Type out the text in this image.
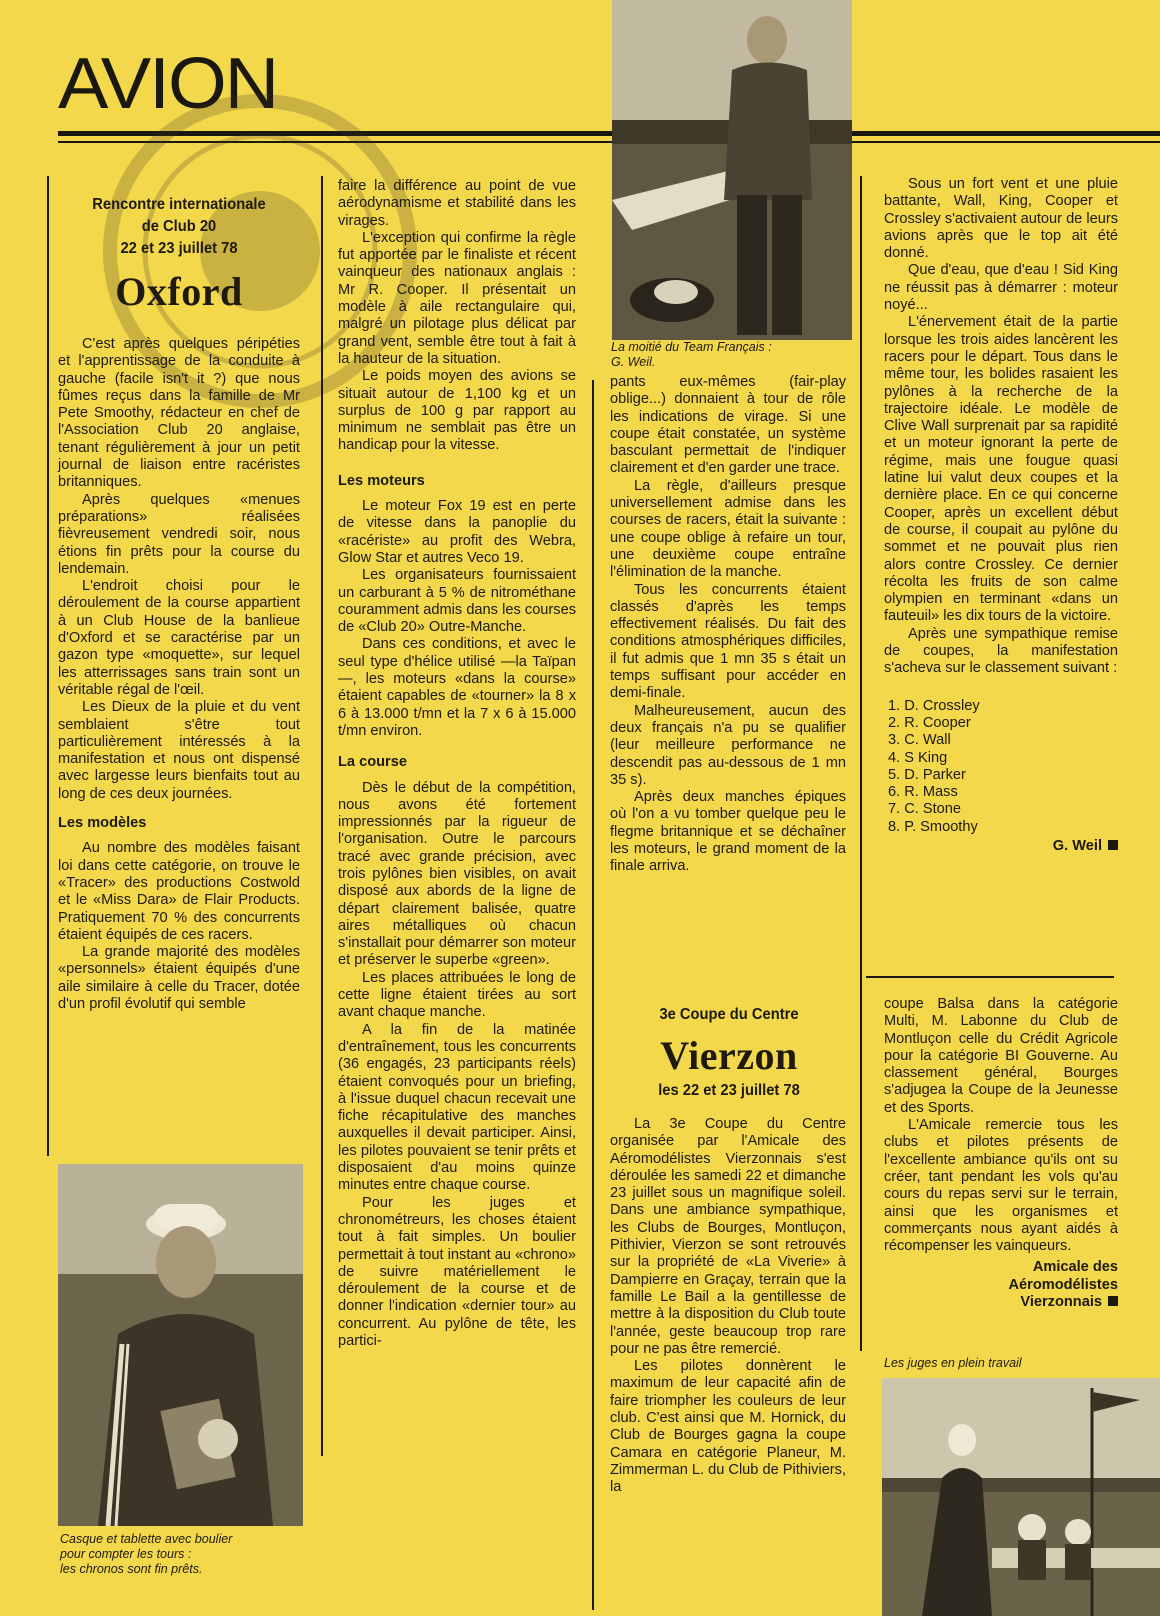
AVION
Rencontre internationale
de Club 20
22 et 23 juillet 78
Oxford

C'est après quelques péripéties et l'apprentissage de la conduite à gauche (facile isn't it ?) que nous fûmes reçus dans la famille de Mr Pete Smoothy, rédacteur en chef de l'Association Club 20 anglaise, tenant régulièrement à jour un petit journal de liaison entre racéristes britanniques.

Après quelques «menues préparations» réalisées fièvreusement vendredi soir, nous étions fin prêts pour la course du lendemain.

L'endroit choisi pour le déroulement de la course appartient à un Club House de la banlieue d'Oxford et se caractérise par un gazon type «moquette», sur lequel les atterrissages sans train sont un véritable régal de l'œil.

Les Dieux de la pluie et du vent semblaient s'être tout particulièrement intéressés à la manifestation et nous ont dispensé avec largesse leurs bienfaits tout au long de ces deux journées.

Les modèles

Au nombre des modèles faisant loi dans cette catégorie, on trouve le «Tracer» des productions Costwold et le «Miss Dara» de Flair Products. Pratiquement 70 % des concurrents étaient équipés de ces racers.

La grande majorité des modèles «personnels» étaient équipés d'une aile similaire à celle du Tracer, dotée d'un profil évolutif qui semble

Casque et tablette avec boulier
pour compter les tours :
les chronos sont fin prêts.

faire la différence au point de vue aérodynamisme et stabilité dans les virages.

L'exception qui confirme la règle fut apportée par le finaliste et récent vainqueur des nationaux anglais : Mr R. Cooper. Il présentait un modèle à aile rectangulaire qui, malgré un pilotage plus délicat par grand vent, semble être tout à fait à la hauteur de la situation.

Le poids moyen des avions se situait autour de 1,100 kg et un surplus de 100 g par rapport au minimum ne semblait pas être un handicap pour la vitesse.

Les moteurs

Le moteur Fox 19 est en perte de vitesse dans la panoplie du «racériste» au profit des Webra, Glow Star et autres Veco 19.

Les organisateurs fournissaient un carburant à 5 % de nitrométhane couramment admis dans les courses de «Club 20» Outre-Manche.

Dans ces conditions, et avec le seul type d'hélice utilisé —la Taïpan—, les moteurs «dans la course» étaient capables de «tourner» la 8 x 6 à 13.000 t/mn et la 7 x 6 à 15.000 t/mn environ.

La course

Dès le début de la compétition, nous avons été fortement impressionnés par la rigueur de l'organisation. Outre le parcours tracé avec grande précision, avec trois pylônes bien visibles, on avait disposé aux abords de la ligne de départ clairement balisée, quatre aires métalliques où chacun s'installait pour démarrer son moteur et préserver le superbe «green».

Les places attribuées le long de cette ligne étaient tirées au sort avant chaque manche.

A la fin de la matinée d'entraînement, tous les concurrents (36 engagés, 23 participants réels) étaient convoqués pour un briefing, à l'issue duquel chacun recevait une fiche récapitulative des manches auxquelles il devait participer. Ainsi, les pilotes pouvaient se tenir prêts et disposaient d'au moins quinze minutes entre chaque course.

Pour les juges et chronométreurs, les choses étaient tout à fait simples. Un boulier permettait à tout instant au «chrono» de suivre matériellement le déroulement de la course et de donner l'indication «dernier tour» au concurrent. Au pylône de tête, les partici-

La moitié du Team Français :
G. Weil.

pants eux-mêmes (fair-play oblige...) donnaient à tour de rôle les indications de virage. Si une coupe était constatée, un système basculant permettait de l'indiquer clairement et d'en garder une trace.

La règle, d'ailleurs presque universellement admise dans les courses de racers, était la suivante : une coupe oblige à refaire un tour, une deuxième coupe entraîne l'élimination de la manche.

Tous les concurrents étaient classés d'après les temps effectivement réalisés. Du fait des conditions atmosphériques difficiles, il fut admis que 1 mn 35 s était un temps suffisant pour accéder en demi-finale.

Malheureusement, aucun des deux français n'a pu se qualifier (leur meilleure performance ne descendit pas au-dessous de 1 mn 35 s).

Après deux manches épiques où l'on a vu tomber quelque peu le flegme britannique et se déchaîner les moteurs, le grand moment de la finale arriva.

Sous un fort vent et une pluie battante, Wall, King, Cooper et Crossley s'activaient autour de leurs avions après que le top ait été donné.

Que d'eau, que d'eau ! Sid King ne réussit pas à démarrer : moteur noyé...

L'énervement était de la partie lorsque les trois aides lancèrent les racers pour le départ. Tous dans le même tour, les bolides rasaient les pylônes à la recherche de la trajectoire idéale. Le modèle de Clive Wall surprenait par sa rapidité et un moteur ignorant la perte de régime, mais une fougue quasi latine lui valut deux coupes et la dernière place. En ce qui concerne Cooper, après un excellent début de course, il coupait au pylône du sommet et ne pouvait plus rien alors contre Crossley. Ce dernier récolta les fruits de son calme olympien en terminant «dans un fauteuil» les dix tours de la victoire.

Après une sympathique remise de coupes, la manifestation s'acheva sur le classement suivant :

1. D. Crossley
2. R. Cooper
3. C. Wall
4. S King
5. D. Parker
6. R. Mass
7. C. Stone
8. P. Smoothy
G. Weil
3e Coupe du Centre
Vierzon
les 22 et 23 juillet 78

La 3e Coupe du Centre organisée par l'Amicale des Aéromodélistes Vierzonnais s'est déroulée les samedi 22 et dimanche 23 juillet sous un magnifique soleil. Dans une ambiance sympathique, les Clubs de Bourges, Montluçon, Pithivier, Vierzon se sont retrouvés sur la propriété de «La Viverie» à Dampierre en Graçay, terrain que la famille Le Bail a la gentillesse de mettre à la disposition du Club toute l'année, geste beaucoup trop rare pour ne pas être remercié.

Les pilotes donnèrent le maximum de leur capacité afin de faire triompher les couleurs de leur club. C'est ainsi que M. Hornick, du Club de Bourges gagna la coupe Camara en catégorie Planeur, M. Zimmerman L. du Club de Pithiviers, la

coupe Balsa dans la catégorie Multi, M. Labonne du Club de Montluçon celle du Crédit Agricole pour la catégorie BI Gouverne. Au classement général, Bourges s'adjugea la Coupe de la Jeunesse et des Sports.

L'Amicale remercie tous les clubs et pilotes présents de l'excellente ambiance qu'ils ont su créer, tant pendant les vols qu'au cours du repas servi sur le terrain, ainsi que les organismes et commerçants nous ayant aidés à récompenser les vainqueurs.

Amicale des
Aéromodélistes
Vierzonnais
Les juges en plein travail
